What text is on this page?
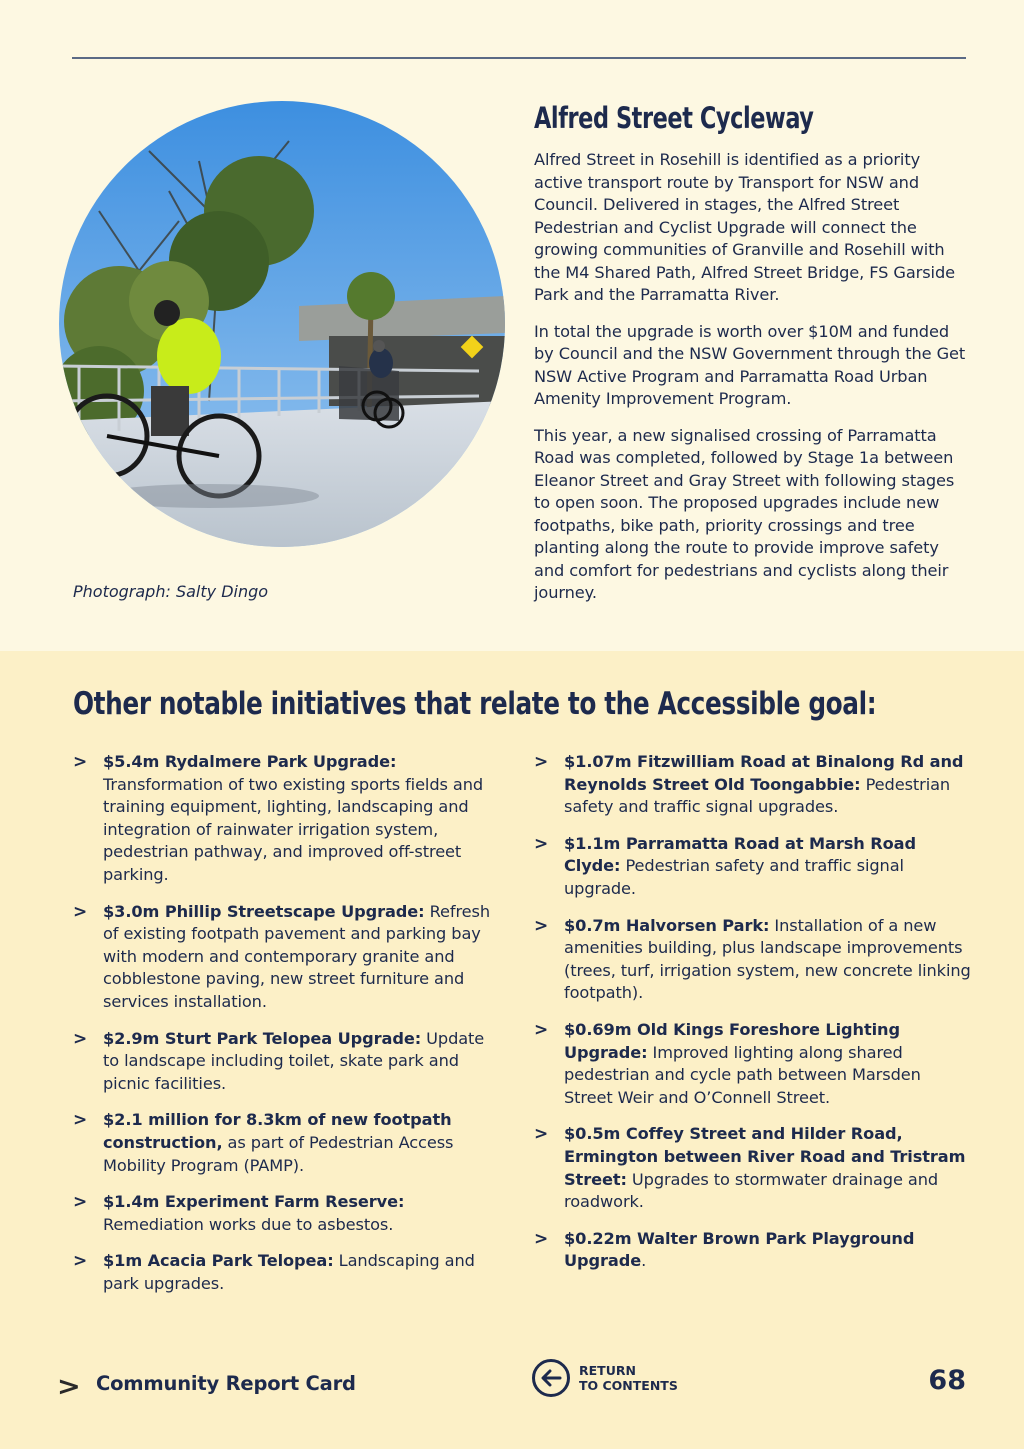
Photograph: Salty Dingo
Alfred Street Cycleway

Alfred Street in Rosehill is identified as a priority active transport route by Transport for NSW and Council. Delivered in stages, the Alfred Street Pedestrian and Cyclist Upgrade will connect the growing communities of Granville and Rosehill with the M4 Shared Path, Alfred Street Bridge, FS Garside Park and the Parramatta River.

In total the upgrade is worth over $10M and funded by Council and the NSW Government through the Get NSW Active Program and Parramatta Road Urban Amenity Improvement Program.

This year, a new signalised crossing of Parramatta Road was completed, followed by Stage 1a between Eleanor Street and Gray Street with following stages to open soon. The proposed upgrades include new footpaths, bike path, priority crossings and tree planting along the route to provide improve safety and comfort for pedestrians and cyclists along their journey.

Other notable initiatives that relate to the Accessible goal:
> $5.4m Rydalmere Park Upgrade: Transformation of two existing sports fields and training equipment, lighting, landscaping and integration of rainwater irrigation system, pedestrian pathway, and improved off-street parking.
> $3.0m Phillip Streetscape Upgrade: Refresh of existing footpath pavement and parking bay with modern and contemporary granite and cobblestone paving, new street furniture and services installation.
> $2.9m Sturt Park Telopea Upgrade: Update to landscape including toilet, skate park and picnic facilities.
> $2.1 million for 8.3km of new footpath construction, as part of Pedestrian Access Mobility Program (PAMP).
> $1.4m Experiment Farm Reserve: Remediation works due to asbestos.
> $1m Acacia Park Telopea: Landscaping and park upgrades.
> $1.07m Fitzwilliam Road at Binalong Rd and Reynolds Street Old Toongabbie: Pedestrian safety and traffic signal upgrades.
> $1.1m Parramatta Road at Marsh Road Clyde: Pedestrian safety and traffic signal upgrade.
> $0.7m Halvorsen Park: Installation of a new amenities building, plus landscape improvements (trees, turf, irrigation system, new concrete linking footpath).
> $0.69m Old Kings Foreshore Lighting Upgrade: Improved lighting along shared pedestrian and cycle path between Marsden Street Weir and O’Connell Street.
> $0.5m Coffey Street and Hilder Road, Ermington between River Road and Tristram Street: Upgrades to stormwater drainage and roadwork.
> $0.22m Walter Brown Park Playground Upgrade.
> Community Report Card
RETURN
TO CONTENTS	68
